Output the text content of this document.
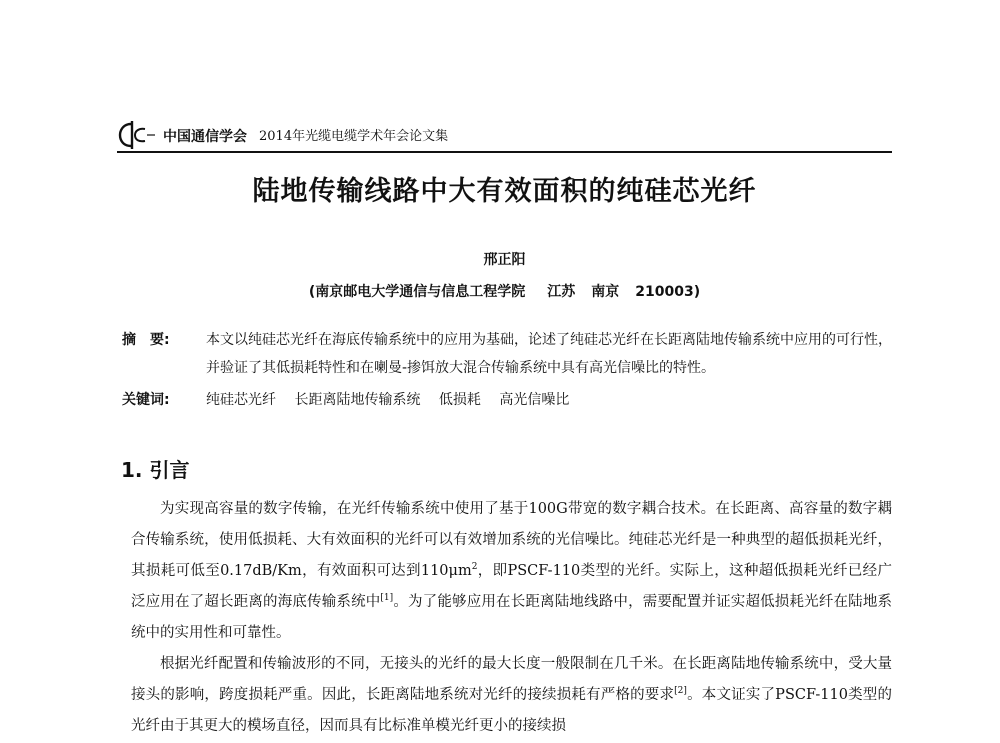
中国通信学会 2014年光缆电缆学术年会论文集
陆地传输线路中大有效面积的纯硅芯光纤
邢正阳
(南京邮电大学通信与信息工程学院 江苏 南京 210003)
摘　要:	本文以纯硅芯光纤在海底传输系统中的应用为基础，论述了纯硅芯光纤在长距离陆地传输系统中应用的可行性，并验证了其低损耗特性和在喇曼-掺饵放大混合传输系统中具有高光信噪比的特性。
关键词:	纯硅芯光纤 长距离陆地传输系统 低损耗 高光信噪比
1. 引言

为实现高容量的数字传输，在光纤传输系统中使用了基于100G带宽的数字耦合技术。在长距离、高容量的数字耦合传输系统，使用低损耗、大有效面积的光纤可以有效增加系统的光信噪比。纯硅芯光纤是一种典型的超低损耗光纤，其损耗可低至0.17dB/Km，有效面积可达到$110\mu m^2$，即PSCF-110类型的光纤。实际上，这种超低损耗光纤已经广泛应用在了超长距离的海底传输系统中[1]。为了能够应用在长距离陆地线路中，需要配置并证实超低损耗光纤在陆地系统中的实用性和可靠性。

根据光纤配置和传输波形的不同，无接头的光纤的最大长度一般限制在几千米。在长距离陆地传输系统中，受大量接头的影响，跨度损耗严重。因此，长距离陆地系统对光纤的接续损耗有严格的要求[2]。本文证实了PSCF-110类型的光纤由于其更大的模场直径，因而具有比标准单模光纤更小的接续损
